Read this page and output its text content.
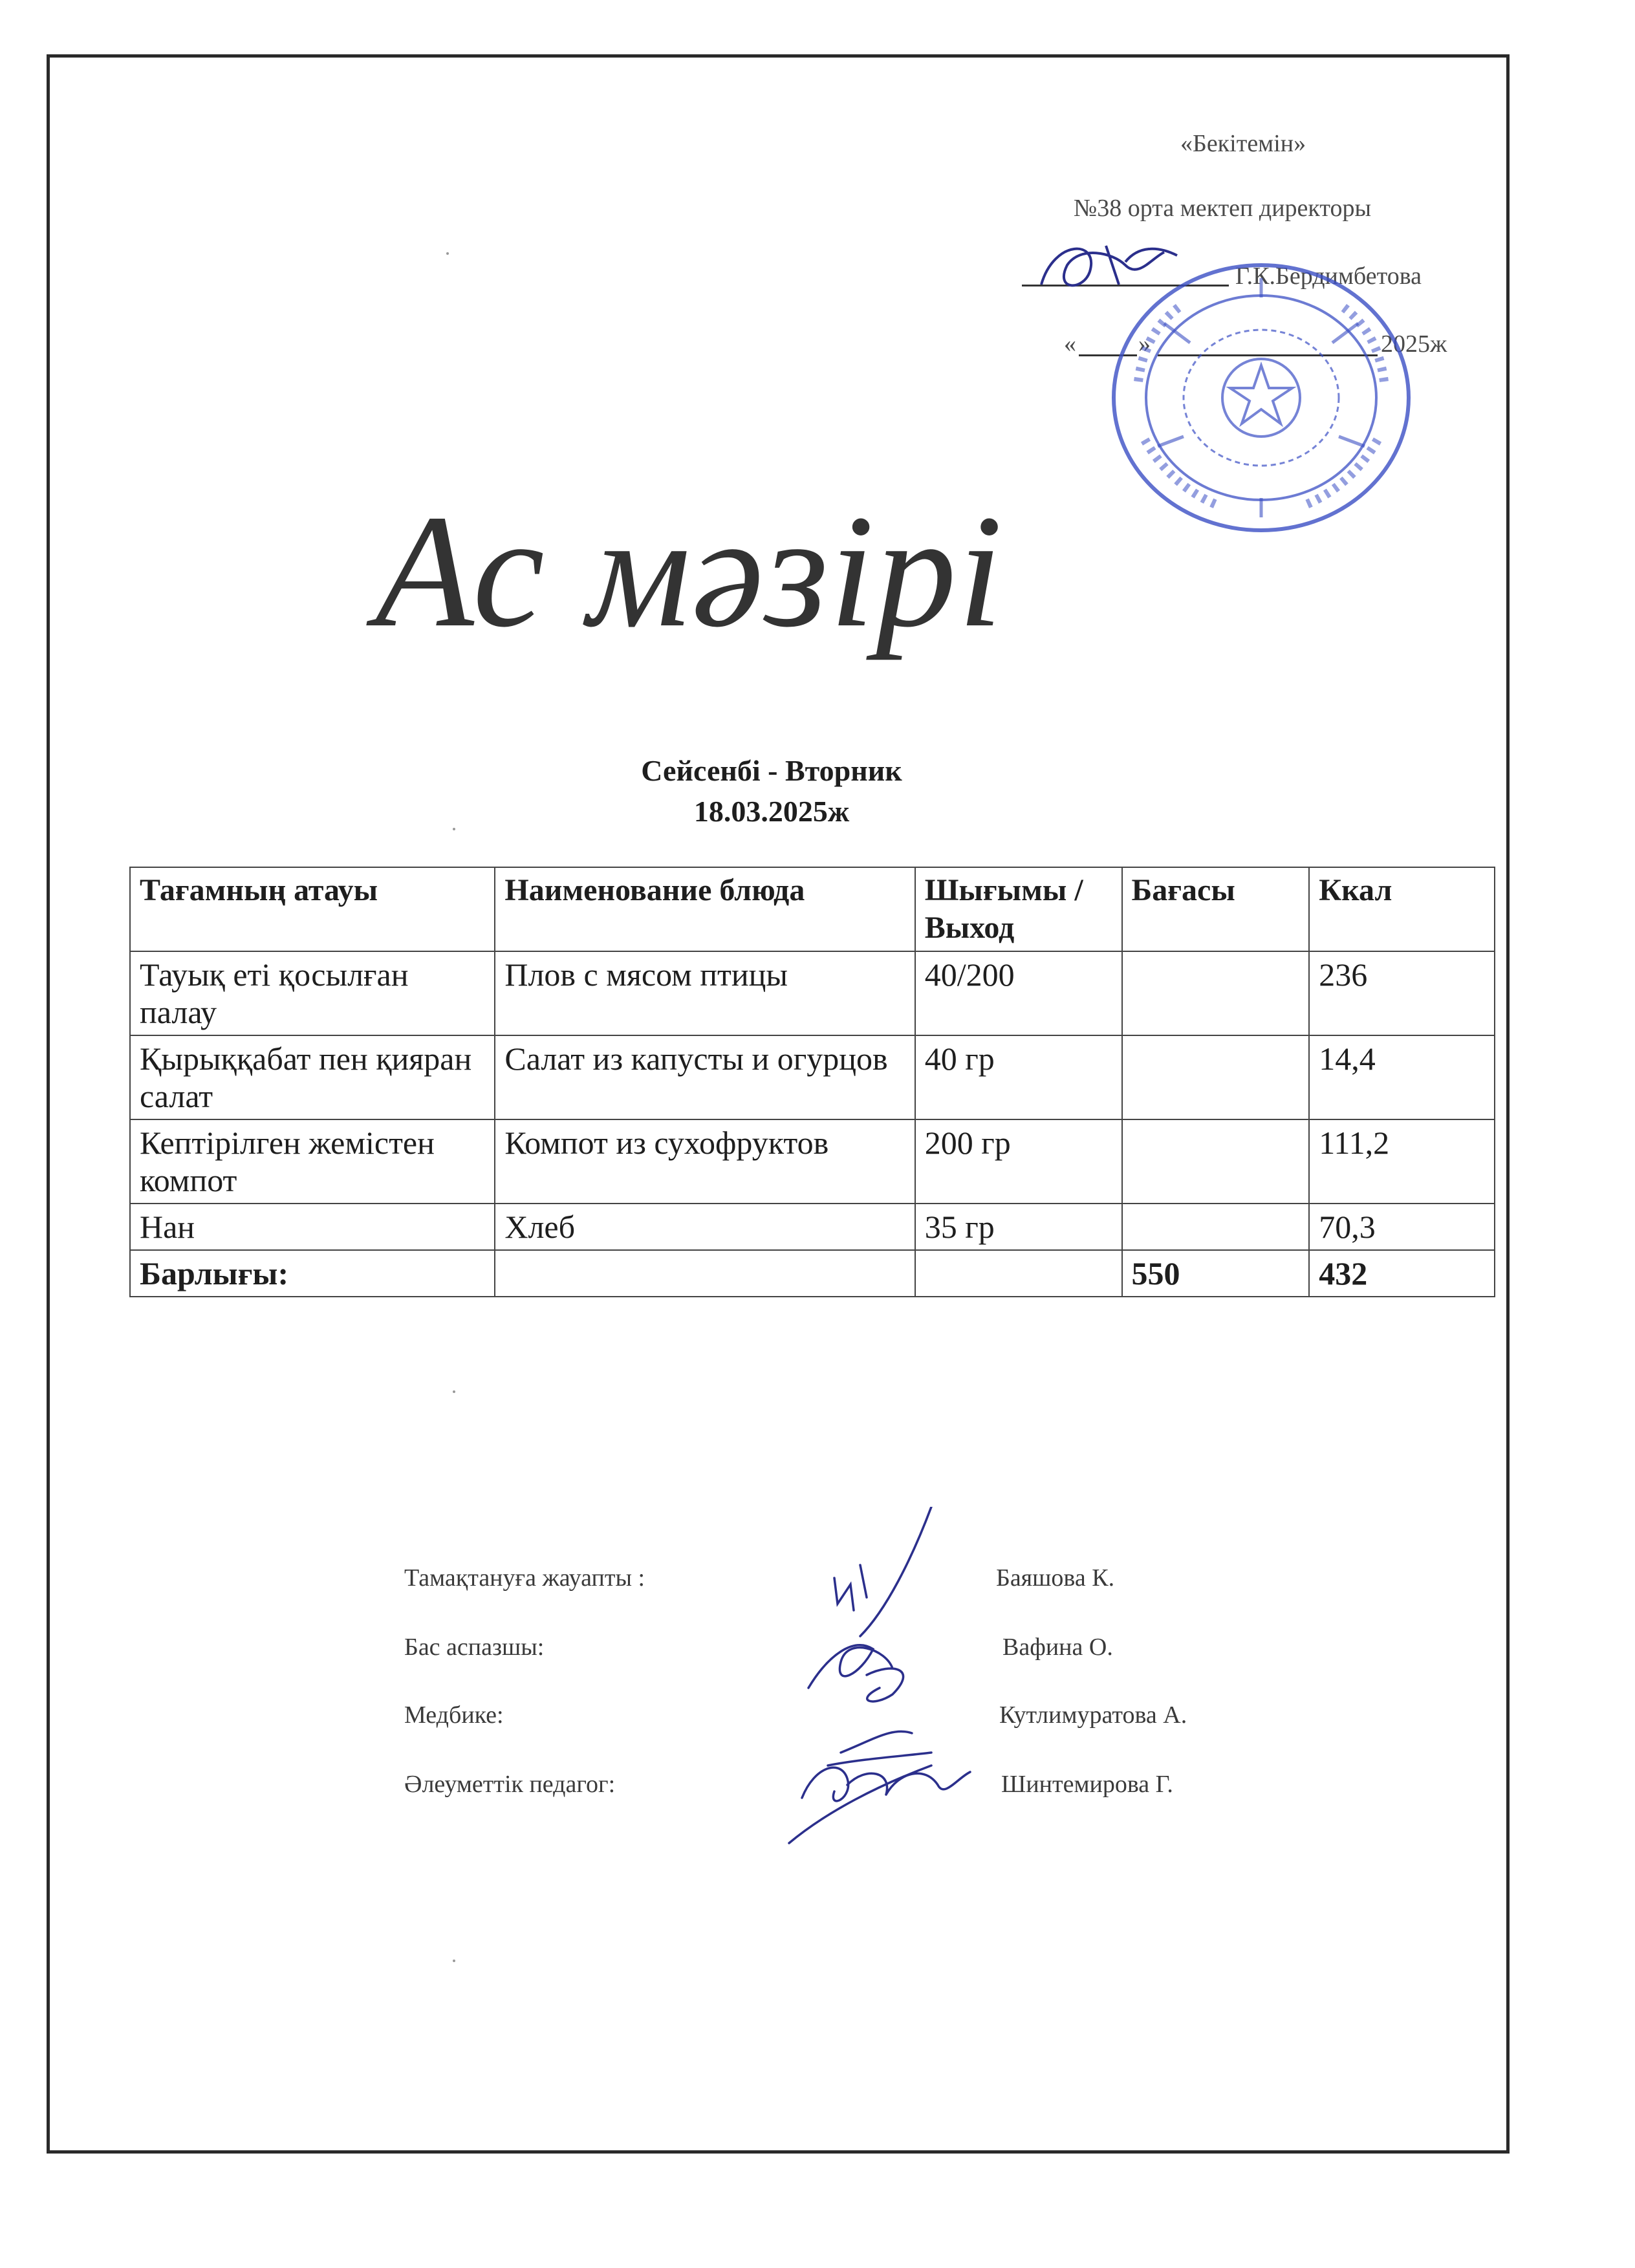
«Бекітемін»
№38 орта мектеп директоры
Г.К.Бердимбетова
«	»	2025ж
Ас мәзірі
Сейсенбі - Вторник
18.03.2025ж
Тағамның атауы	Наименование блюда	Шығымы / Выход	Бағасы	Ккал
Тауық еті қосылған палау	Плов с мясом птицы	40/200		236
Қырыққабат пен қияран салат	Салат из капусты и огурцов	40 гр		14,4
Кептірілген жемістен компот	Компот из сухофруктов	200 гр		111,2
Нан	Хлеб	35 гр		70,3
Барлығы:			550	432
Тамақтануға жауапты :	Баяшова К.
Бас аспазшы:	Вафина О.
Медбике:	Кутлимуратова А.
Әлеуметтік педагог:	Шинтемирова Г.
